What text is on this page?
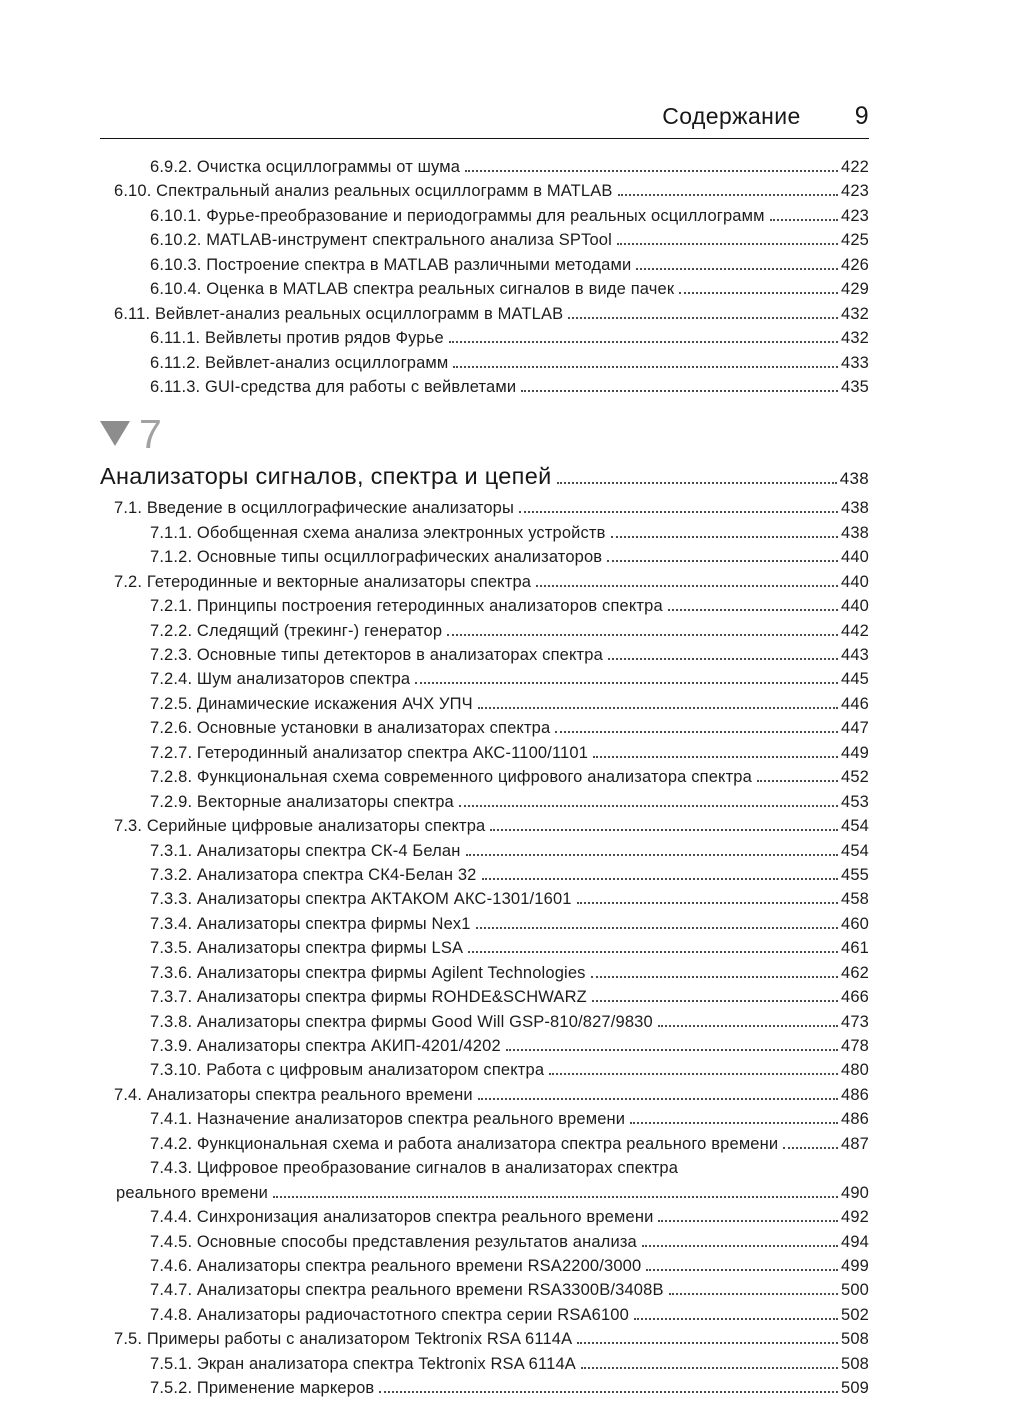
Содержание 9
6.9.2. Очистка осциллограммы от шума	422
6.10. Спектральный анализ реальных осциллограмм в MATLAB	423
6.10.1. Фурье-преобразование и периодограммы для реальных осциллограмм	423
6.10.2. MATLAB-инструмент спектрального анализа SPTool	425
6.10.3. Построение спектра в MATLAB различными методами	426
6.10.4. Оценка в MATLAB спектра реальных сигналов в виде пачек	429
6.11. Вейвлет-анализ реальных осциллограмм в MATLAB	432
6.11.1. Вейвлеты против рядов Фурье	432
6.11.2. Вейвлет-анализ осциллограмм	433
6.11.3. GUI-средства для работы с вейвлетами	435
7
Анализаторы сигналов, спектра и цепей	438
7.1. Введение в осциллографические анализаторы	438
7.1.1. Обобщенная схема анализа электронных устройств	438
7.1.2. Основные типы осциллографических анализаторов	440
7.2. Гетеродинные и векторные анализаторы спектра	440
7.2.1. Принципы построения гетеродинных анализаторов спектра	440
7.2.2. Следящий (трекинг-) генератор	442
7.2.3. Основные типы детекторов в анализаторах спектра	443
7.2.4. Шум анализаторов спектра	445
7.2.5. Динамические искажения АЧХ УПЧ	446
7.2.6. Основные установки в анализаторах спектра	447
7.2.7. Гетеродинный анализатор спектра АКС-1100/1101	449
7.2.8. Функциональная схема современного цифрового анализатора спектра	452
7.2.9. Векторные анализаторы спектра	453
7.3. Серийные цифровые анализаторы спектра	454
7.3.1. Анализаторы спектра СК-4 Белан	454
7.3.2. Анализатора спектра СК4-Белан 32	455
7.3.3. Анализаторы спектра АКТАКОМ АКС-1301/1601	458
7.3.4. Анализаторы спектра фирмы Nex1	460
7.3.5. Анализаторы спектра фирмы LSA	461
7.3.6. Анализаторы спектра фирмы Agilent Technologies	462
7.3.7. Анализаторы спектра фирмы ROHDE&SCHWARZ	466
7.3.8. Анализаторы спектра фирмы Good Will GSP-810/827/9830	473
7.3.9. Анализаторы спектра АКИП-4201/4202	478
7.3.10. Работа с цифровым анализатором спектра	480
7.4. Анализаторы спектра реального времени	486
7.4.1. Назначение анализаторов спектра реального времени	486
7.4.2. Функциональная схема и работа анализатора спектра реального времени	487
7.4.3. Цифровое преобразование сигналов в анализаторах спектра
реального времени	490
7.4.4. Синхронизация анализаторов спектра реального времени	492
7.4.5. Основные способы представления результатов анализа	494
7.4.6. Анализаторы спектра реального времени RSA2200/3000	499
7.4.7. Анализаторы спектра реального времени RSA3300B/3408B	500
7.4.8. Анализаторы радиочастотного спектра серии RSA6100	502
7.5. Примеры работы с анализатором Tektronix RSA 6114A	508
7.5.1. Экран анализатора спектра Tektronix RSA 6114A	508
7.5.2. Применение маркеров	509
